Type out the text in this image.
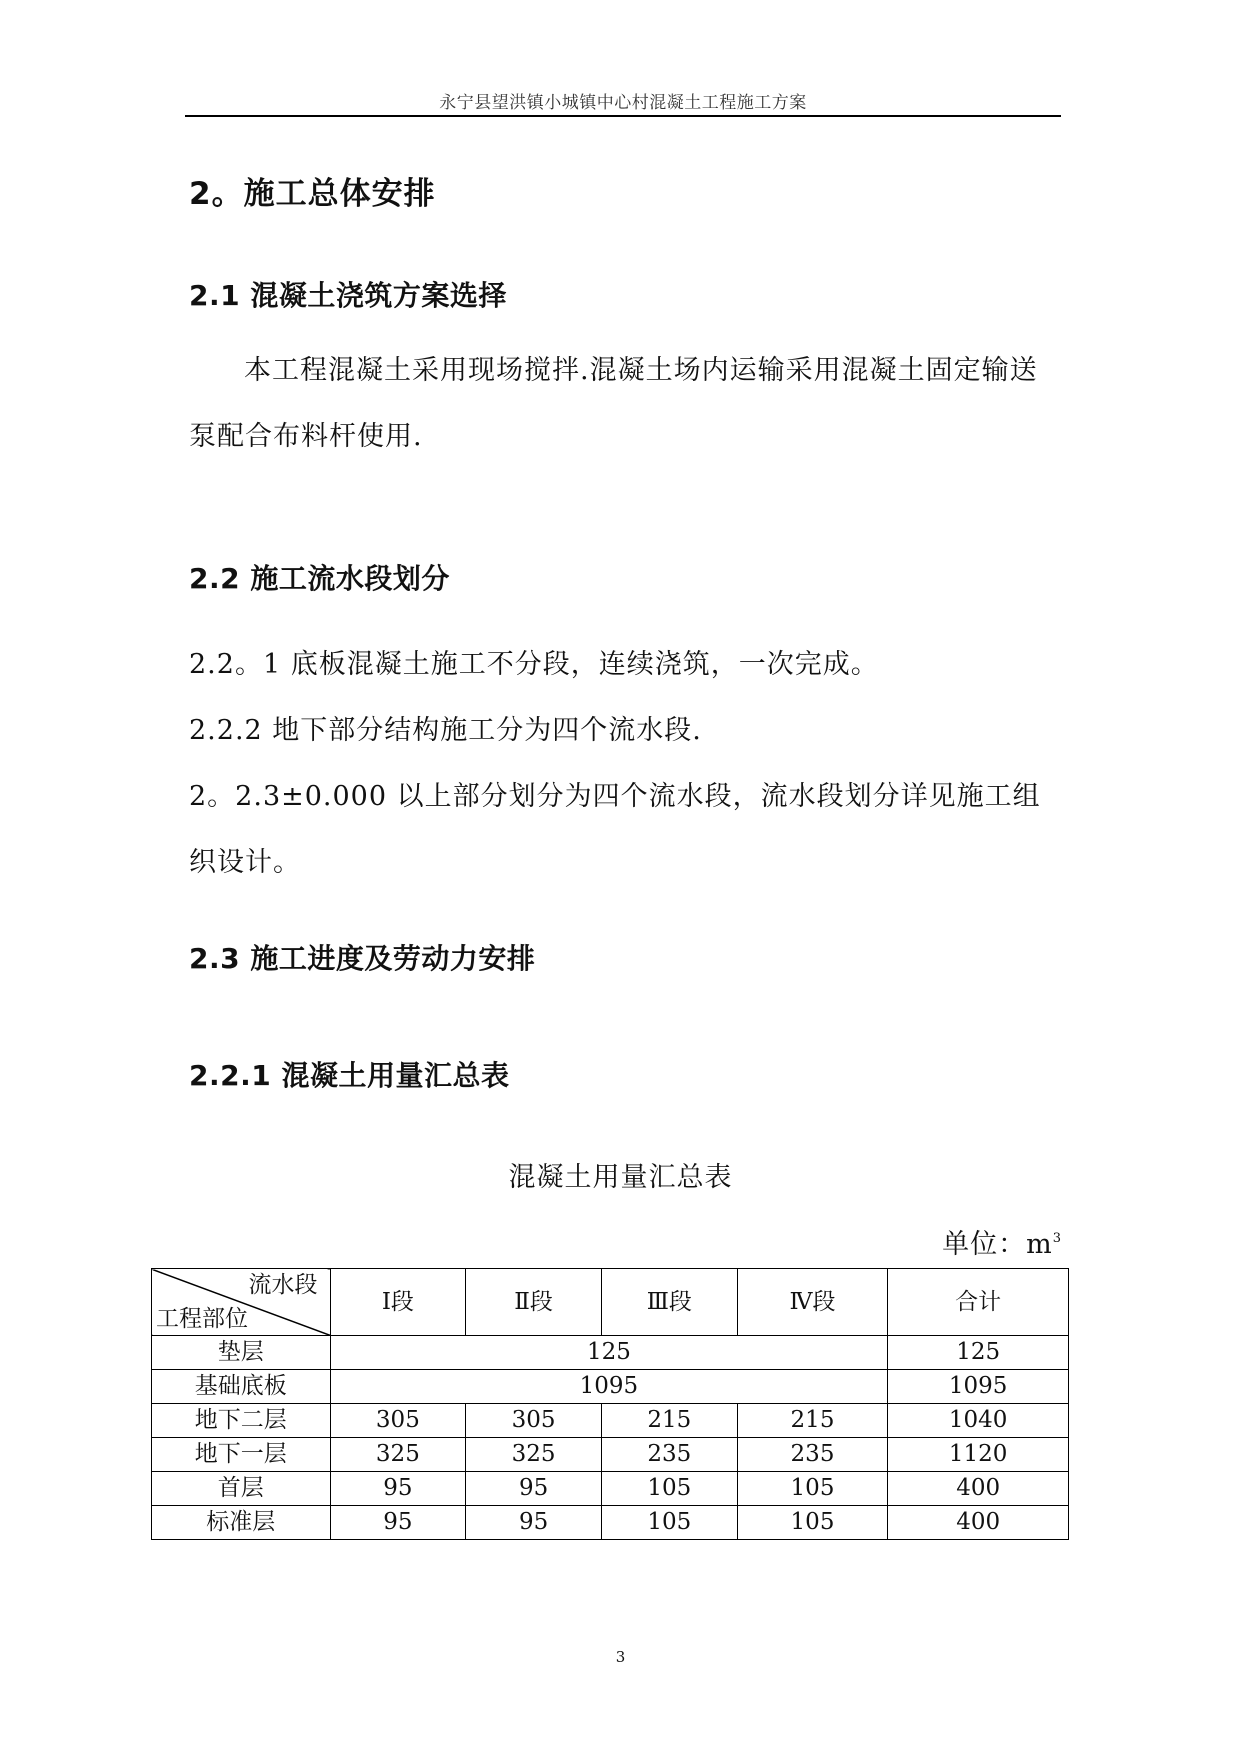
永宁县望洪镇小城镇中心村混凝土工程施工方案
2。施工总体安排
2.1 混凝土浇筑方案选择

本工程混凝土采用现场搅拌.混凝土场内运输采用混凝土固定输送泵配合布料杆使用.

2.2 施工流水段划分

2.2。1 底板混凝土施工不分段，连续浇筑，一次完成。

2.2.2 地下部分结构施工分为四个流水段.

2。2.3±0.000 以上部分划分为四个流水段，流水段划分详见施工组织设计。

2.3 施工进度及劳动力安排
2.2.1 混凝土用量汇总表
混凝土用量汇总表
单位：$m^3$
流水段
工程部位	Ⅰ段	Ⅱ段	Ⅲ段	Ⅳ段	合计
垫层	125				125
基础底板	1095				1095
地下二层	305	305	215	215	1040
地下一层	325	325	235	235	1120
首层	95	95	105	105	400
标准层	95	95	105	105	400
3
